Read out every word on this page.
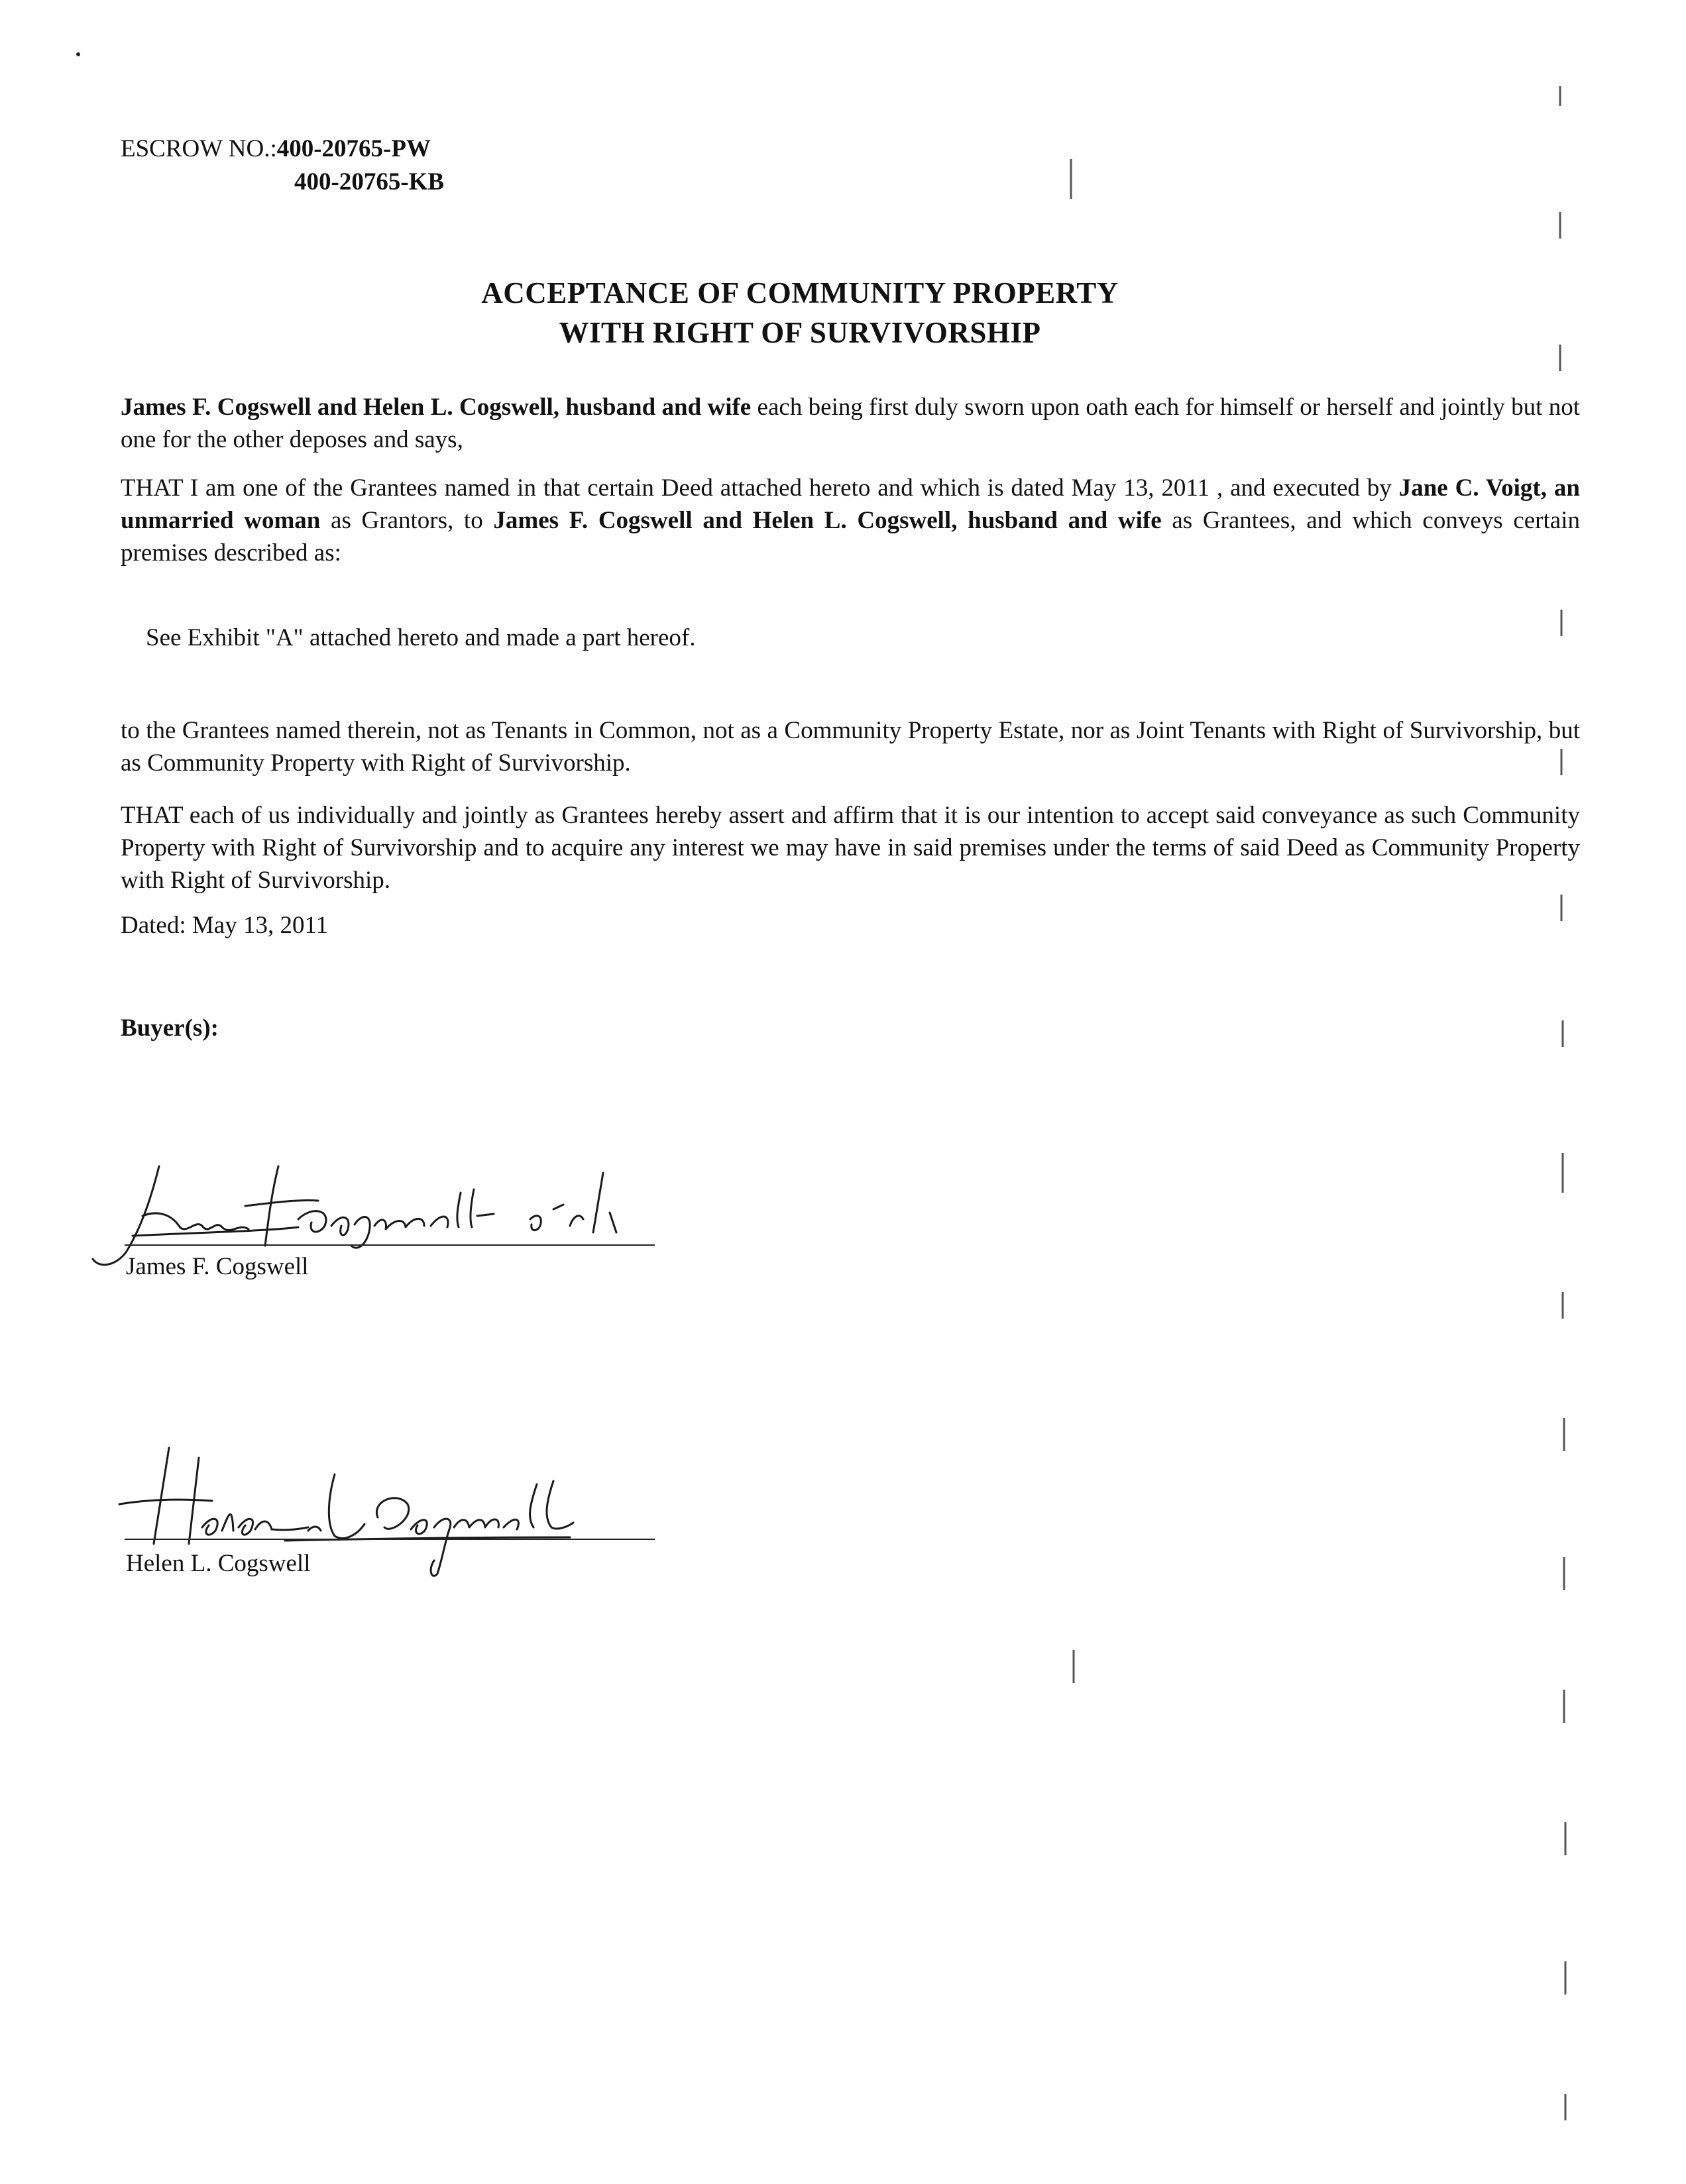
ESCROW NO.:400-20765-PW
400-20765-KB
ACCEPTANCE OF COMMUNITY PROPERTY
WITH RIGHT OF SURVIVORSHIP
James F. Cogswell and Helen L. Cogswell, husband and wife each being first duly sworn upon oath each for himself or herself and jointly but not one for the other deposes and says,
THAT I am one of the Grantees named in that certain Deed attached hereto and which is dated May 13, 2011 , and executed by Jane C. Voigt, an unmarried woman as Grantors, to James F. Cogswell and Helen L. Cogswell, husband and wife as Grantees, and which conveys certain premises described as:
See Exhibit "A" attached hereto and made a part hereof.
to the Grantees named therein, not as Tenants in Common, not as a Community Property Estate, nor as Joint Tenants with Right of Survivorship, but as Community Property with Right of Survivorship.
THAT each of us individually and jointly as Grantees hereby assert and affirm that it is our intention to accept said conveyance as such Community Property with Right of Survivorship and to acquire any interest we may have in said premises under the terms of said Deed as Community Property with Right of Survivorship.
Dated: May 13, 2011
Buyer(s):
James F. Cogswell
Helen L. Cogswell
